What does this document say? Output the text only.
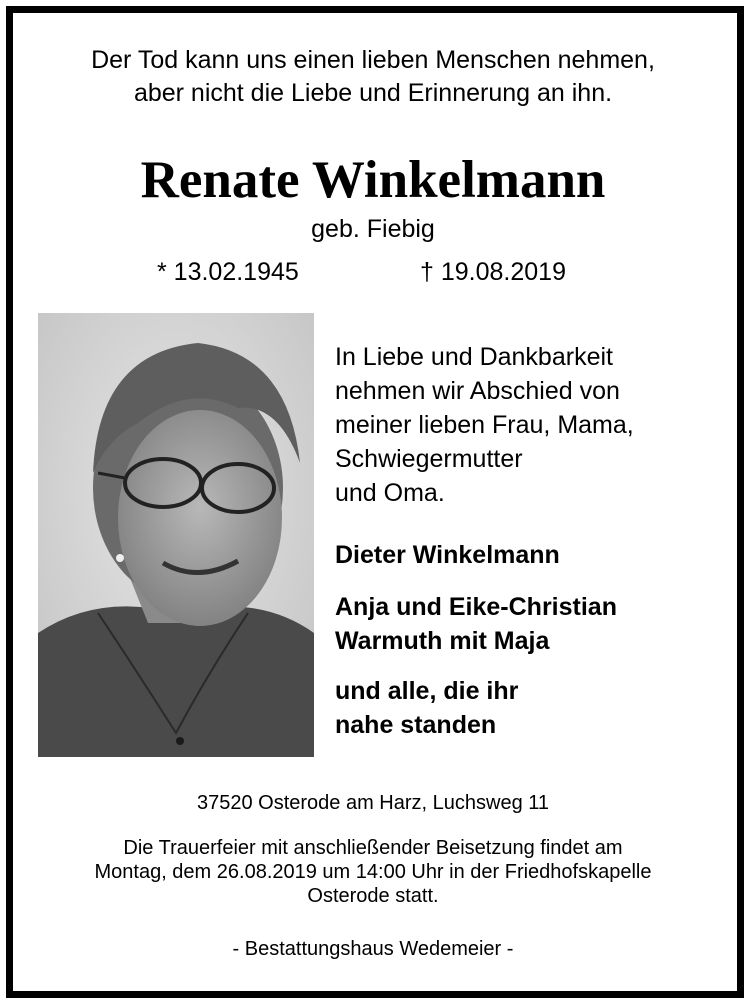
Der Tod kann uns einen lieben Menschen nehmen,
aber nicht die Liebe und Erinnerung an ihn.
Renate Winkelmann
geb. Fiebig
* 13.02.1945	† 19.08.2019
In Liebe und Dankbarkeit
nehmen wir Abschied von
meiner lieben Frau, Mama,
Schwiegermutter
und Oma.
Dieter Winkelmann
Anja und Eike-Christian
Warmuth mit Maja
und alle, die ihr
nahe standen
37520 Osterode am Harz, Luchsweg 11
Die Trauerfeier mit anschließender Beisetzung findet am
Montag, dem 26.08.2019 um 14:00 Uhr in der Friedhofskapelle
Osterode statt.
- Bestattungshaus Wedemeier -
